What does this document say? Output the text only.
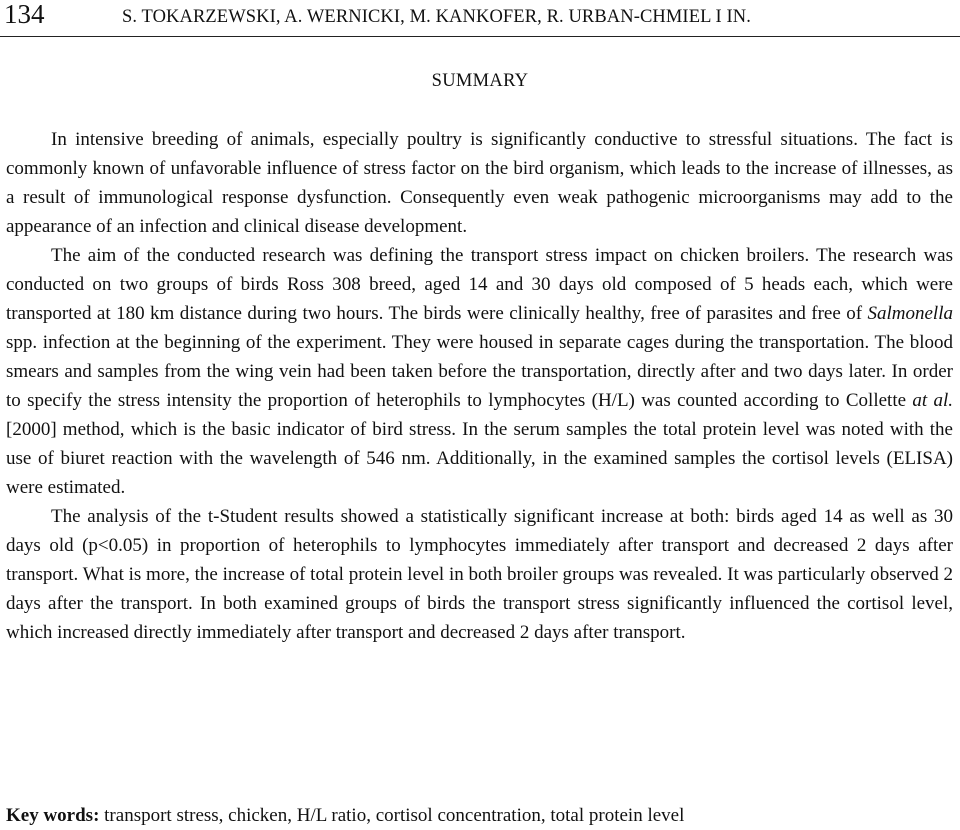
134	S. TOKARZEWSKI, A. WERNICKI, M. KANKOFER, R. URBAN-CHMIEL I IN.
SUMMARY

In intensive breeding of animals, especially poultry is significantly conductive to stressful situations. The fact is commonly known of unfavorable influence of stress factor on the bird organism, which leads to the increase of illnesses, as a result of immunological response dysfunction. Consequently even weak pathogenic microorganisms may add to the appearance of an infection and clinical disease development.

The aim of the conducted research was defining the transport stress impact on chicken broilers. The research was conducted on two groups of birds Ross 308 breed, aged 14 and 30 days old composed of 5 heads each, which were transported at 180 km distance during two hours. The birds were clinically healthy, free of parasites and free of Salmonella spp. infection at the beginning of the experiment. They were housed in separate cages during the transportation. The blood smears and samples from the wing vein had been taken before the transportation, directly after and two days later. In order to specify the stress intensity the proportion of heterophils to lymphocytes (H/L) was counted according to Collette at al. [2000] method, which is the basic indicator of bird stress. In the serum samples the total protein level was noted with the use of biuret reaction with the wavelength of 546 nm. Additionally, in the examined samples the cortisol levels (ELISA) were estimated.

The analysis of the t-Student results showed a statistically significant increase at both: birds aged 14 as well as 30 days old (p<0.05) in proportion of heterophils to lymphocytes immediately after transport and decreased 2 days after transport. What is more, the increase of total protein level in both broiler groups was revealed. It was particularly observed 2 days after the transport. In both examined groups of birds the transport stress significantly influenced the cortisol level, which increased directly immediately after transport and decreased 2 days after transport.

Key words: transport stress, chicken, H/L ratio, cortisol concentration, total protein level
